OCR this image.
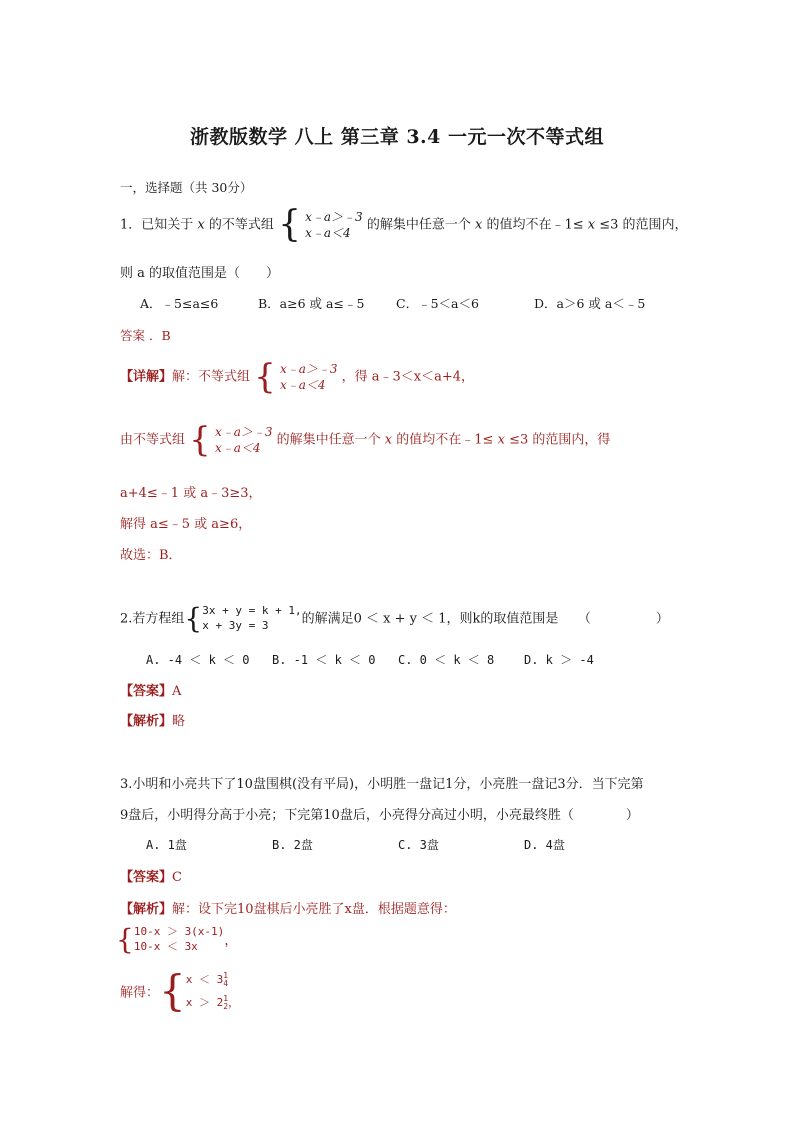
浙教版数学 八上 第三章 3.4 一元一次不等式组
一，选择题（共 30分）
1．已知关于 x 的不等式组 { x﹣a＞﹣3
x﹣a＜4 的解集中任意一个 x 的值均不在﹣1≤ x ≤3 的范围内，
则 a 的取值范围是（　　）
A．﹣5≤a≤6	B．a≥6 或 a≤﹣5	C．﹣5＜a＜6	D．a＞6 或 a＜﹣5
答案 ．B
【详解】解：不等式组 { x﹣a＞﹣3
x﹣a＜4 ，得 a﹣3＜x＜a+4，
由不等式组 { x﹣a＞﹣3
x﹣a＜4 的解集中任意一个 x 的值均不在﹣1≤ x ≤3 的范围内，得
a+4≤﹣1 或 a﹣3≥3，
解得 a≤﹣5 或 a≥6，
故选：B．
2.若方程组{3x + y = k + 1,
x + 3y = 3	的解满足0 ＜ x + y ＜ 1，则k的取值范围是　　（　　　　　）
A. -4 ＜ k ＜ 0 B. -1 ＜ k ＜ 0 C. 0 ＜ k ＜ 8 D. k ＞ -4
【答案】A
【解析】略
3.小明和小亮共下了10盘围棋(没有平局)，小明胜一盘记1分，小亮胜一盘记3分．当下完第
9盘后，小明得分高于小亮；下完第10盘后，小亮得分高过小明，小亮最终胜（　　　　）
A. 1盘	B. 2盘	C. 3盘	D. 4盘
【答案】C
【解析】解：设下完10盘棋后小亮胜了x盘．根据题意得：
{10-x ＞ 3(x-1)
10-x ＜ 3x ，
解得：{x ＜ 31
4
x ＞ 21
2，
